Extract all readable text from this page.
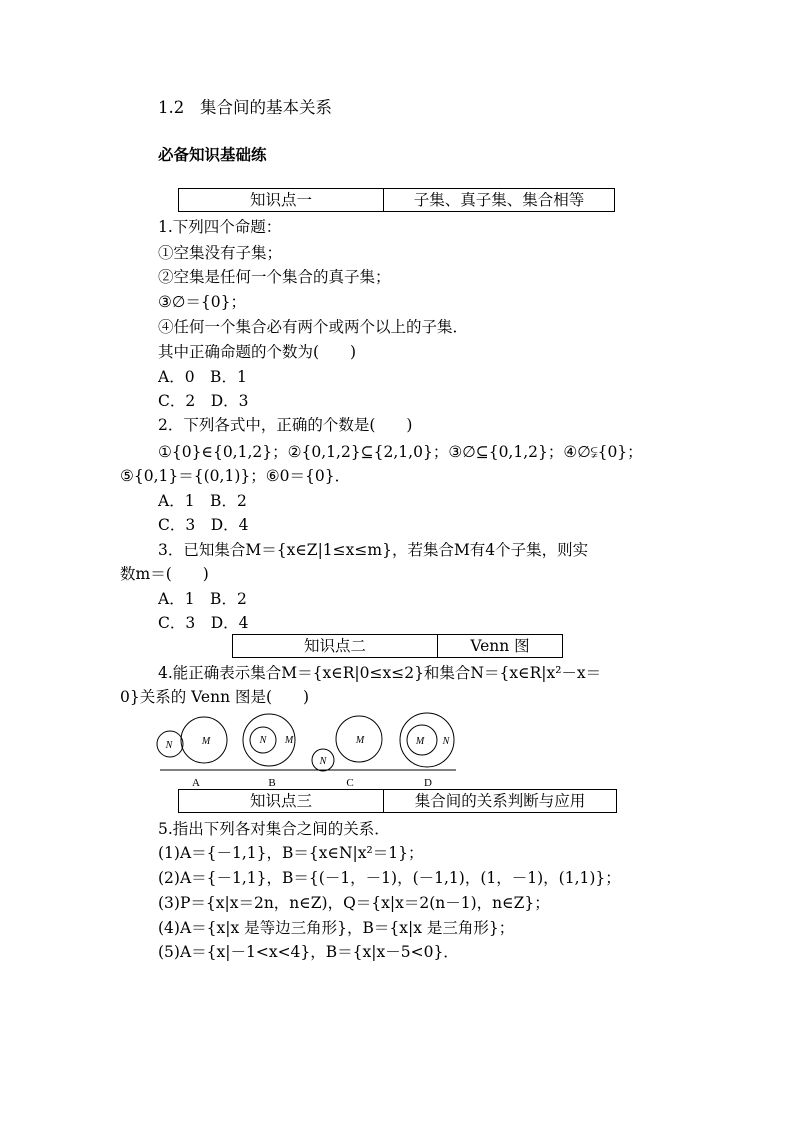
1.2 集合间的基本关系
必备知识基础练
知识点一	子集、真子集、集合相等
1.下列四个命题：
①空集没有子集；
②空集是任何一个集合的真子集；
③∅＝{0}；
④任何一个集合必有两个或两个以上的子集．
其中正确命题的个数为(　　)
A．0　B．1
C．2　D．3
2．下列各式中，正确的个数是(　　)
①{0}∈{0,1,2}；②{0,1,2}⊆{2,1,0}；③∅⊆{0,1,2}；④∅⫋{0}；
⑤{0,1}＝{(0,1)}；⑥0＝{0}．
A．1　B．2
C．3　D．4
3．已知集合M＝{x∈Z|1≤x≤m}，若集合M有4个子集，则实
数m＝(　　)
A．1　B．2
C．3　D．4
知识点二	Venn 图
4.能正确表示集合M＝{x∈R|0≤x≤2}和集合N＝{x∈R|x²－x＝
0}关系的 Venn 图是(　　)
N	M	N M
N
M	M N
A	B	C	D
知识点三	集合间的关系判断与应用
5.指出下列各对集合之间的关系．
(1)A＝{－1,1}，B＝{x∈N|x²＝1}；
(2)A＝{－1,1}，B＝{(－1，－1)，(－1,1)，(1，－1)，(1,1)}；
(3)P＝{x|x＝2n，n∈Z)，Q＝{x|x＝2(n－1)，n∈Z}；
(4)A＝{x|x 是等边三角形}，B＝{x|x 是三角形}；
(5)A＝{x|－1<x<4}，B＝{x|x－5<0}．
